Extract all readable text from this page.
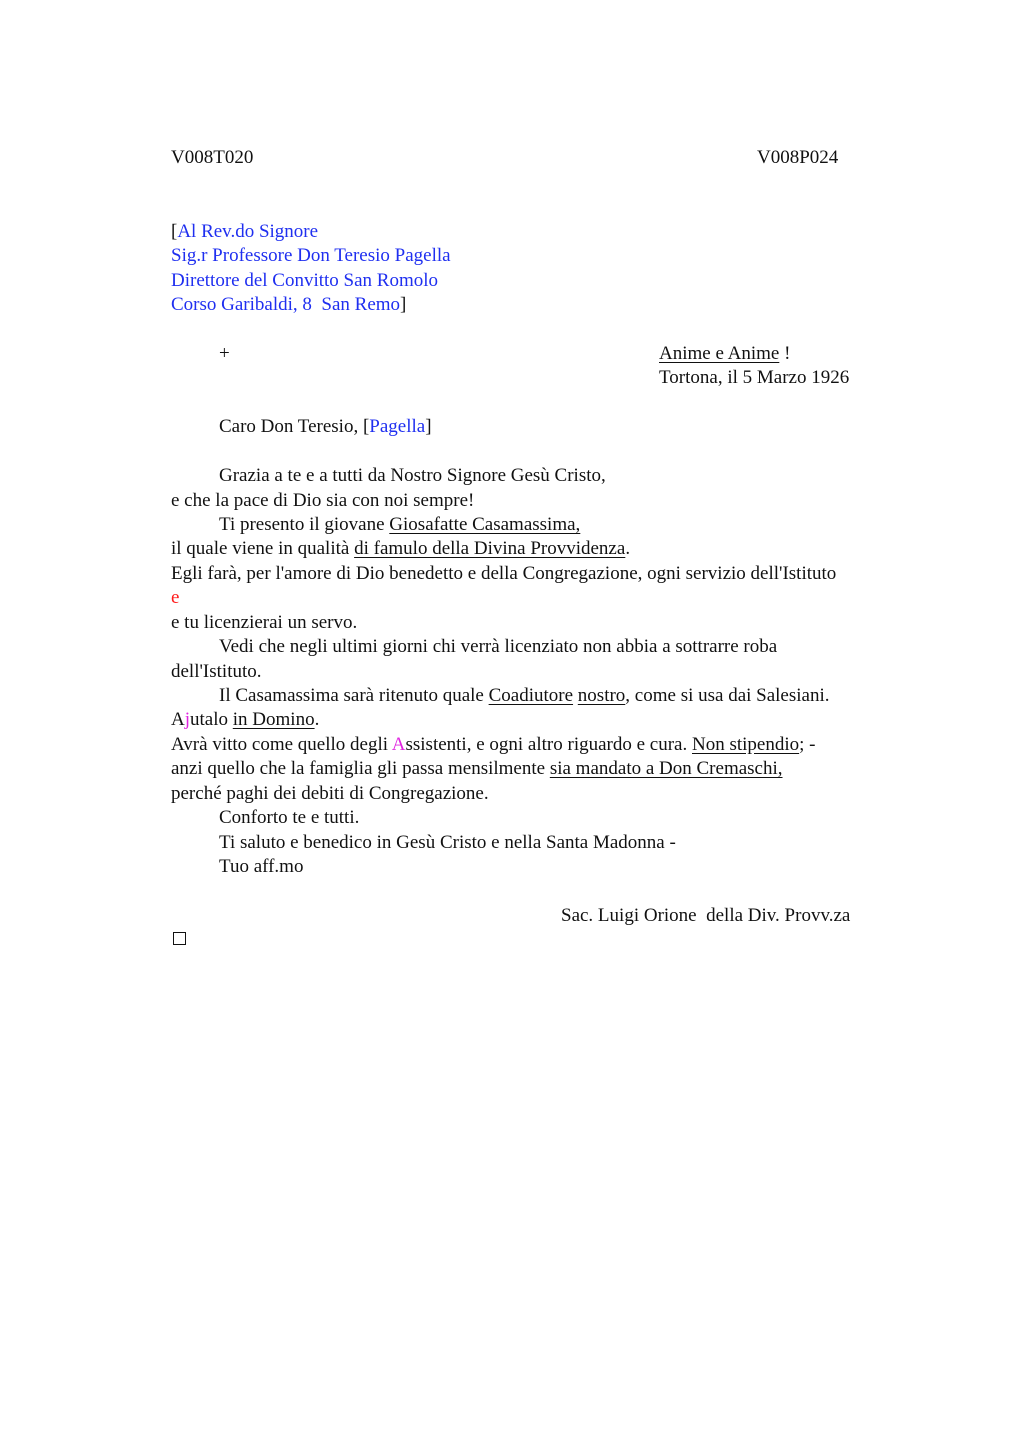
V008T020	V008P024
[Al Rev.do Signore
Sig.r Professore Don Teresio Pagella
Direttore del Convitto San Romolo
Corso Garibaldi, 8  San Remo]
+	Anime e Anime !
Tortona, il 5 Marzo 1926
Caro Don Teresio, [Pagella]
Grazia a te e a tutti da Nostro Signore Gesù Cristo,
e che la pace di Dio sia con noi sempre!
Ti presento il giovane Giosafatte Casamassima,
il quale viene in qualità di famulo della Divina Provvidenza.
Egli farà, per l'amore di Dio benedetto e della Congregazione, ogni servizio dell'Istituto
e
e tu licenzierai un servo.
Vedi che negli ultimi giorni chi verrà licenziato non abbia a sottrarre roba
dell'Istituto.
Il Casamassima sarà ritenuto quale Coadiutore nostro, come si usa dai Salesiani.
Ajutalo in Domino.
Avrà vitto come quello degli Assistenti, e ogni altro riguardo e cura. Non stipendio; -
anzi quello che la famiglia gli passa mensilmente sia mandato a Don Cremaschi,
perché paghi dei debiti di Congregazione.
Conforto te e tutti.
Ti saluto e benedico in Gesù Cristo e nella Santa Madonna -
Tuo aff.mo
Sac. Luigi Orione  della Div. Provv.za
